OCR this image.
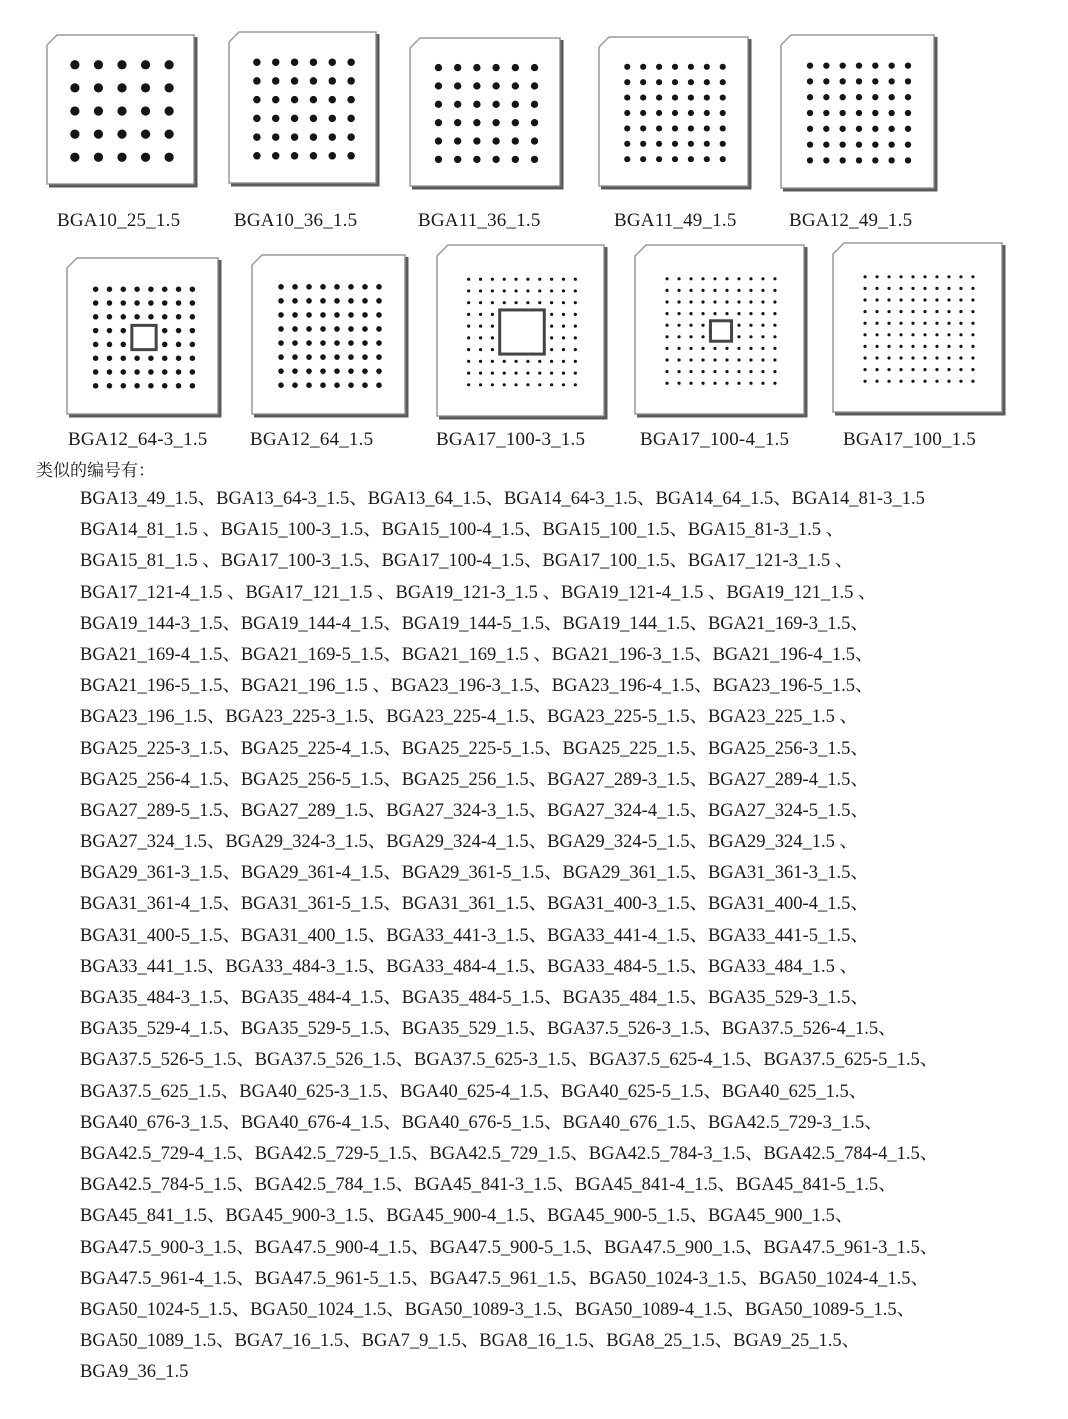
BGA10_25_1.5	BGA10_36_1.5	BGA11_36_1.5	BGA11_49_1.5	BGA12_49_1.5
BGA12_64-3_1.5 BGA12_64_1.5	BGA17_100-3_1.5	BGA17_100-4_1.5	BGA17_100_1.5
类似的编号有：
BGA13_49_1.5、BGA13_64-3_1.5、BGA13_64_1.5、BGA14_64-3_1.5、BGA14_64_1.5、BGA14_81-3_1.5
BGA14_81_1.5 、BGA15_100-3_1.5、BGA15_100-4_1.5、BGA15_100_1.5、BGA15_81-3_1.5 、
BGA15_81_1.5 、BGA17_100-3_1.5、BGA17_100-4_1.5、BGA17_100_1.5、BGA17_121-3_1.5 、
BGA17_121-4_1.5 、BGA17_121_1.5 、BGA19_121-3_1.5 、BGA19_121-4_1.5 、BGA19_121_1.5 、
BGA19_144-3_1.5、BGA19_144-4_1.5、BGA19_144-5_1.5、BGA19_144_1.5、BGA21_169-3_1.5、
BGA21_169-4_1.5、BGA21_169-5_1.5、BGA21_169_1.5 、BGA21_196-3_1.5、BGA21_196-4_1.5、
BGA21_196-5_1.5、BGA21_196_1.5 、BGA23_196-3_1.5、BGA23_196-4_1.5、BGA23_196-5_1.5、
BGA23_196_1.5、BGA23_225-3_1.5、BGA23_225-4_1.5、BGA23_225-5_1.5、BGA23_225_1.5 、
BGA25_225-3_1.5、BGA25_225-4_1.5、BGA25_225-5_1.5、BGA25_225_1.5、BGA25_256-3_1.5、
BGA25_256-4_1.5、BGA25_256-5_1.5、BGA25_256_1.5、BGA27_289-3_1.5、BGA27_289-4_1.5、
BGA27_289-5_1.5、BGA27_289_1.5、BGA27_324-3_1.5、BGA27_324-4_1.5、BGA27_324-5_1.5、
BGA27_324_1.5、BGA29_324-3_1.5、BGA29_324-4_1.5、BGA29_324-5_1.5、BGA29_324_1.5 、
BGA29_361-3_1.5、BGA29_361-4_1.5、BGA29_361-5_1.5、BGA29_361_1.5、BGA31_361-3_1.5、
BGA31_361-4_1.5、BGA31_361-5_1.5、BGA31_361_1.5、BGA31_400-3_1.5、BGA31_400-4_1.5、
BGA31_400-5_1.5、BGA31_400_1.5、BGA33_441-3_1.5、BGA33_441-4_1.5、BGA33_441-5_1.5、
BGA33_441_1.5、BGA33_484-3_1.5、BGA33_484-4_1.5、BGA33_484-5_1.5、BGA33_484_1.5 、
BGA35_484-3_1.5、BGA35_484-4_1.5、BGA35_484-5_1.5、BGA35_484_1.5、BGA35_529-3_1.5、
BGA35_529-4_1.5、BGA35_529-5_1.5、BGA35_529_1.5、BGA37.5_526-3_1.5、BGA37.5_526-4_1.5、
BGA37.5_526-5_1.5、BGA37.5_526_1.5、BGA37.5_625-3_1.5、BGA37.5_625-4_1.5、BGA37.5_625-5_1.5、
BGA37.5_625_1.5、BGA40_625-3_1.5、BGA40_625-4_1.5、BGA40_625-5_1.5、BGA40_625_1.5、
BGA40_676-3_1.5、BGA40_676-4_1.5、BGA40_676-5_1.5、BGA40_676_1.5、BGA42.5_729-3_1.5、
BGA42.5_729-4_1.5、BGA42.5_729-5_1.5、BGA42.5_729_1.5、BGA42.5_784-3_1.5、BGA42.5_784-4_1.5、
BGA42.5_784-5_1.5、BGA42.5_784_1.5、BGA45_841-3_1.5、BGA45_841-4_1.5、BGA45_841-5_1.5、
BGA45_841_1.5、BGA45_900-3_1.5、BGA45_900-4_1.5、BGA45_900-5_1.5、BGA45_900_1.5、
BGA47.5_900-3_1.5、BGA47.5_900-4_1.5、BGA47.5_900-5_1.5、BGA47.5_900_1.5、BGA47.5_961-3_1.5、
BGA47.5_961-4_1.5、BGA47.5_961-5_1.5、BGA47.5_961_1.5、BGA50_1024-3_1.5、BGA50_1024-4_1.5、
BGA50_1024-5_1.5、BGA50_1024_1.5、BGA50_1089-3_1.5、BGA50_1089-4_1.5、BGA50_1089-5_1.5、
BGA50_1089_1.5、BGA7_16_1.5、BGA7_9_1.5、BGA8_16_1.5、BGA8_25_1.5、BGA9_25_1.5、
BGA9_36_1.5
